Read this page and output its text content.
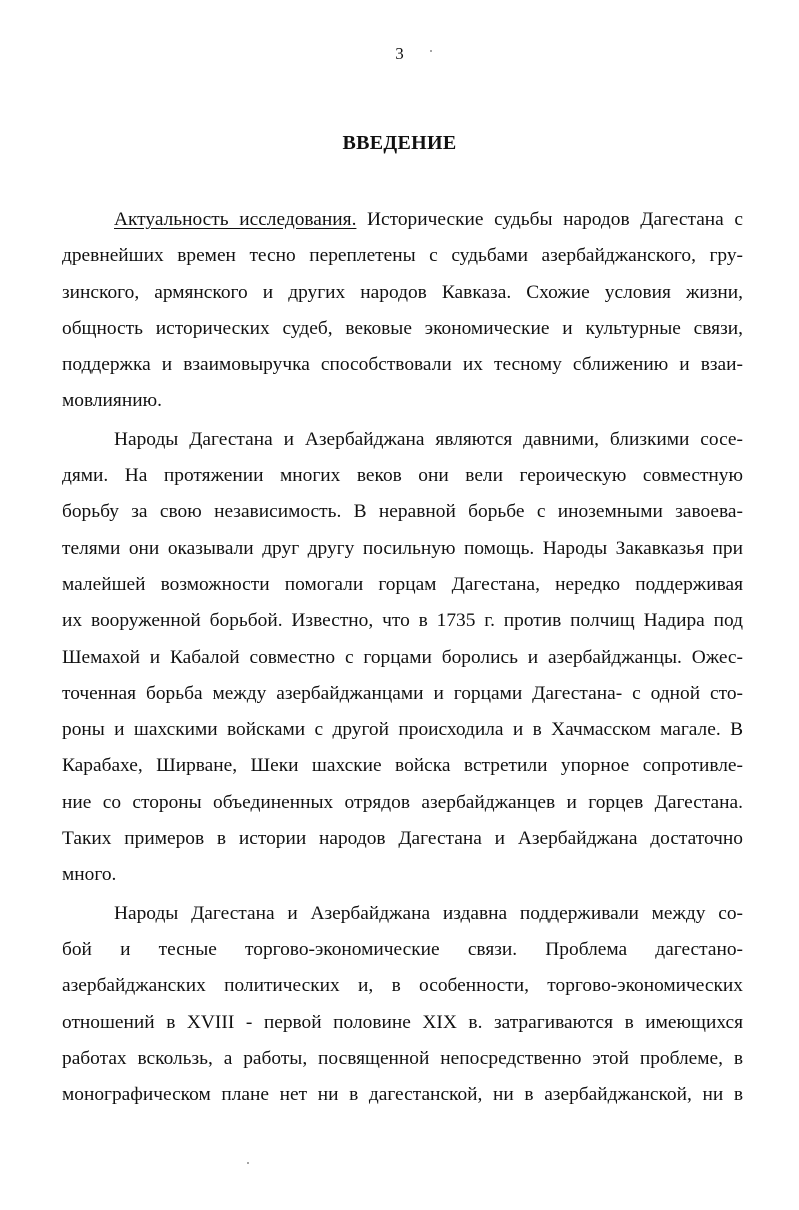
3
ВВЕДЕНИЕ
Актуальность исследования. Исторические судьбы народов Дагестана с
древнейших времен тесно переплетены с судьбами азербайджанского, гру-
зинского, армянского и других народов Кавказа. Схожие условия жизни,
общность исторических судеб, вековые экономические и культурные связи,
поддержка и взаимовыручка способствовали их тесному сближению и взаи-
мовлиянию.
Народы Дагестана и Азербайджана являются давними, близкими сосе-
дями. На протяжении многих веков они вели героическую совместную
борьбу за свою независимость. В неравной борьбе с иноземными завоева-
телями они оказывали друг другу посильную помощь. Народы Закавказья при
малейшей возможности помогали горцам Дагестана, нередко поддерживая
их вооруженной борьбой. Известно, что в 1735 г. против полчищ Надира под
Шемахой и Кабалой совместно с горцами боролись и азербайджанцы. Ожес-
точенная борьба между азербайджанцами и горцами Дагестана- с одной сто-
роны и шахскими войсками с другой происходила и в Хачмасском магале. В
Карабахе, Ширване, Шеки шахские войска встретили упорное сопротивле-
ние со стороны объединенных отрядов азербайджанцев и горцев Дагестана.
Таких примеров в истории народов Дагестана и Азербайджана достаточно
много.
Народы Дагестана и Азербайджана издавна поддерживали между со-
бой и тесные торгово-экономические связи. Проблема дагестано-
азербайджанских политических и, в особенности, торгово-экономических
отношений в XVIII - первой половине XIX в. затрагиваются в имеющихся
работах вскользь, а работы, посвященной непосредственно этой проблеме, в
монографическом плане нет ни в дагестанской, ни в азербайджанской, ни в
